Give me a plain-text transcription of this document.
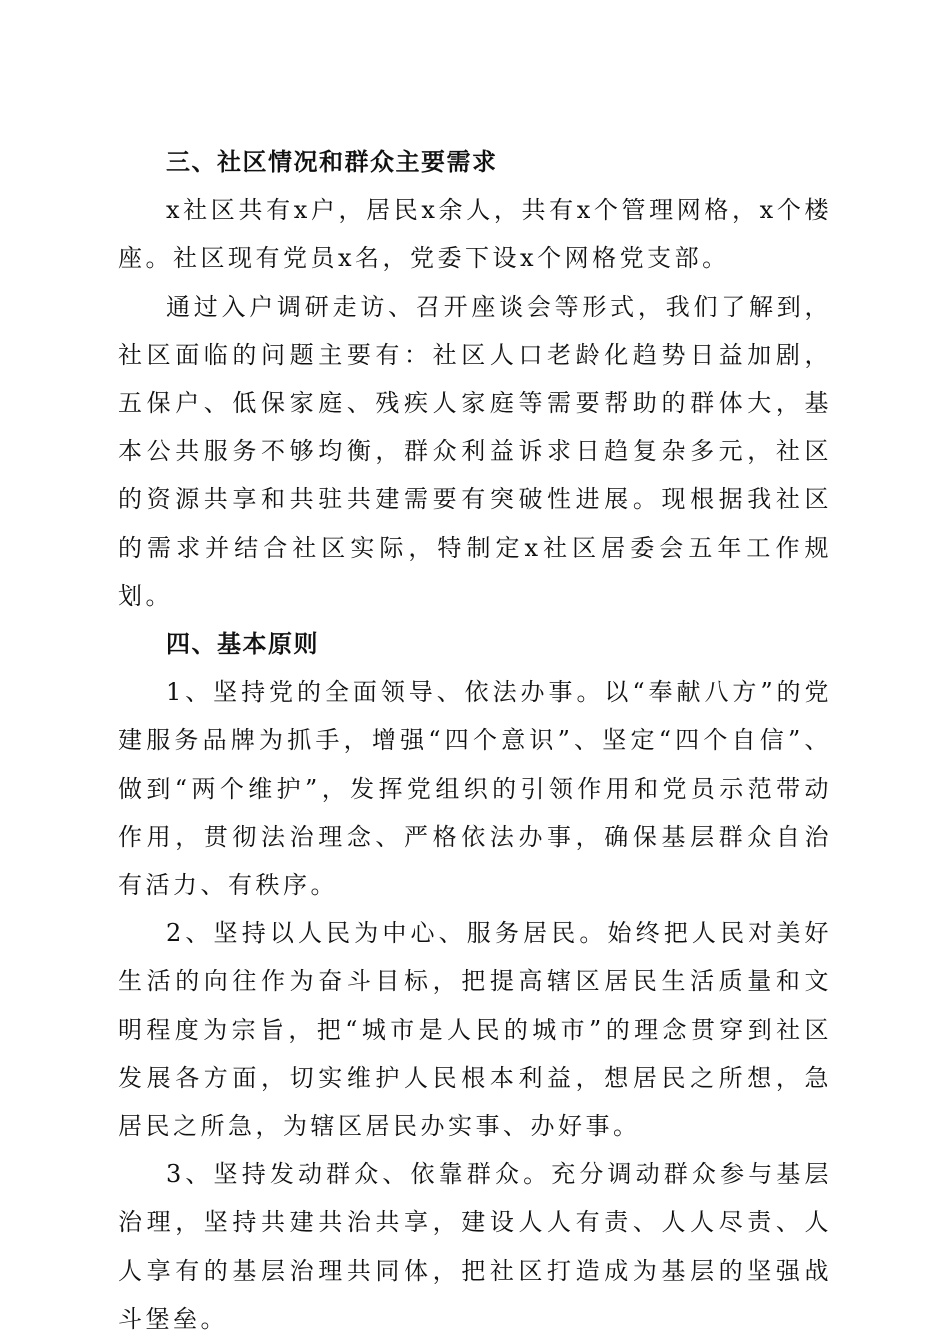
三、社区情况和群众主要需求

x社区共有x户，居民x余人，共有x个管理网格，x个楼座。社区现有党员x名，党委下设x个网格党支部。

通过入户调研走访、召开座谈会等形式，我们了解到，社区面临的问题主要有：社区人口老龄化趋势日益加剧，五保户、低保家庭、残疾人家庭等需要帮助的群体大，基本公共服务不够均衡，群众利益诉求日趋复杂多元，社区的资源共享和共驻共建需要有突破性进展。现根据我社区的需求并结合社区实际，特制定x社区居委会五年工作规划。

四、基本原则

1、坚持党的全面领导、依法办事。以“奉献八方”的党建服务品牌为抓手，增强“四个意识”、坚定“四个自信”、做到“两个维护”，发挥党组织的引领作用和党员示范带动作用，贯彻法治理念、严格依法办事，确保基层群众自治有活力、有秩序。

2、坚持以人民为中心、服务居民。始终把人民对美好生活的向往作为奋斗目标，把提高辖区居民生活质量和文明程度为宗旨，把“城市是人民的城市”的理念贯穿到社区发展各方面，切实维护人民根本利益，想居民之所想，急居民之所急，为辖区居民办实事、办好事。

3、坚持发动群众、依靠群众。充分调动群众参与基层治理，坚持共建共治共享，建设人人有责、人人尽责、人人享有的基层治理共同体，把社区打造成为基层的坚强战斗堡垒。
